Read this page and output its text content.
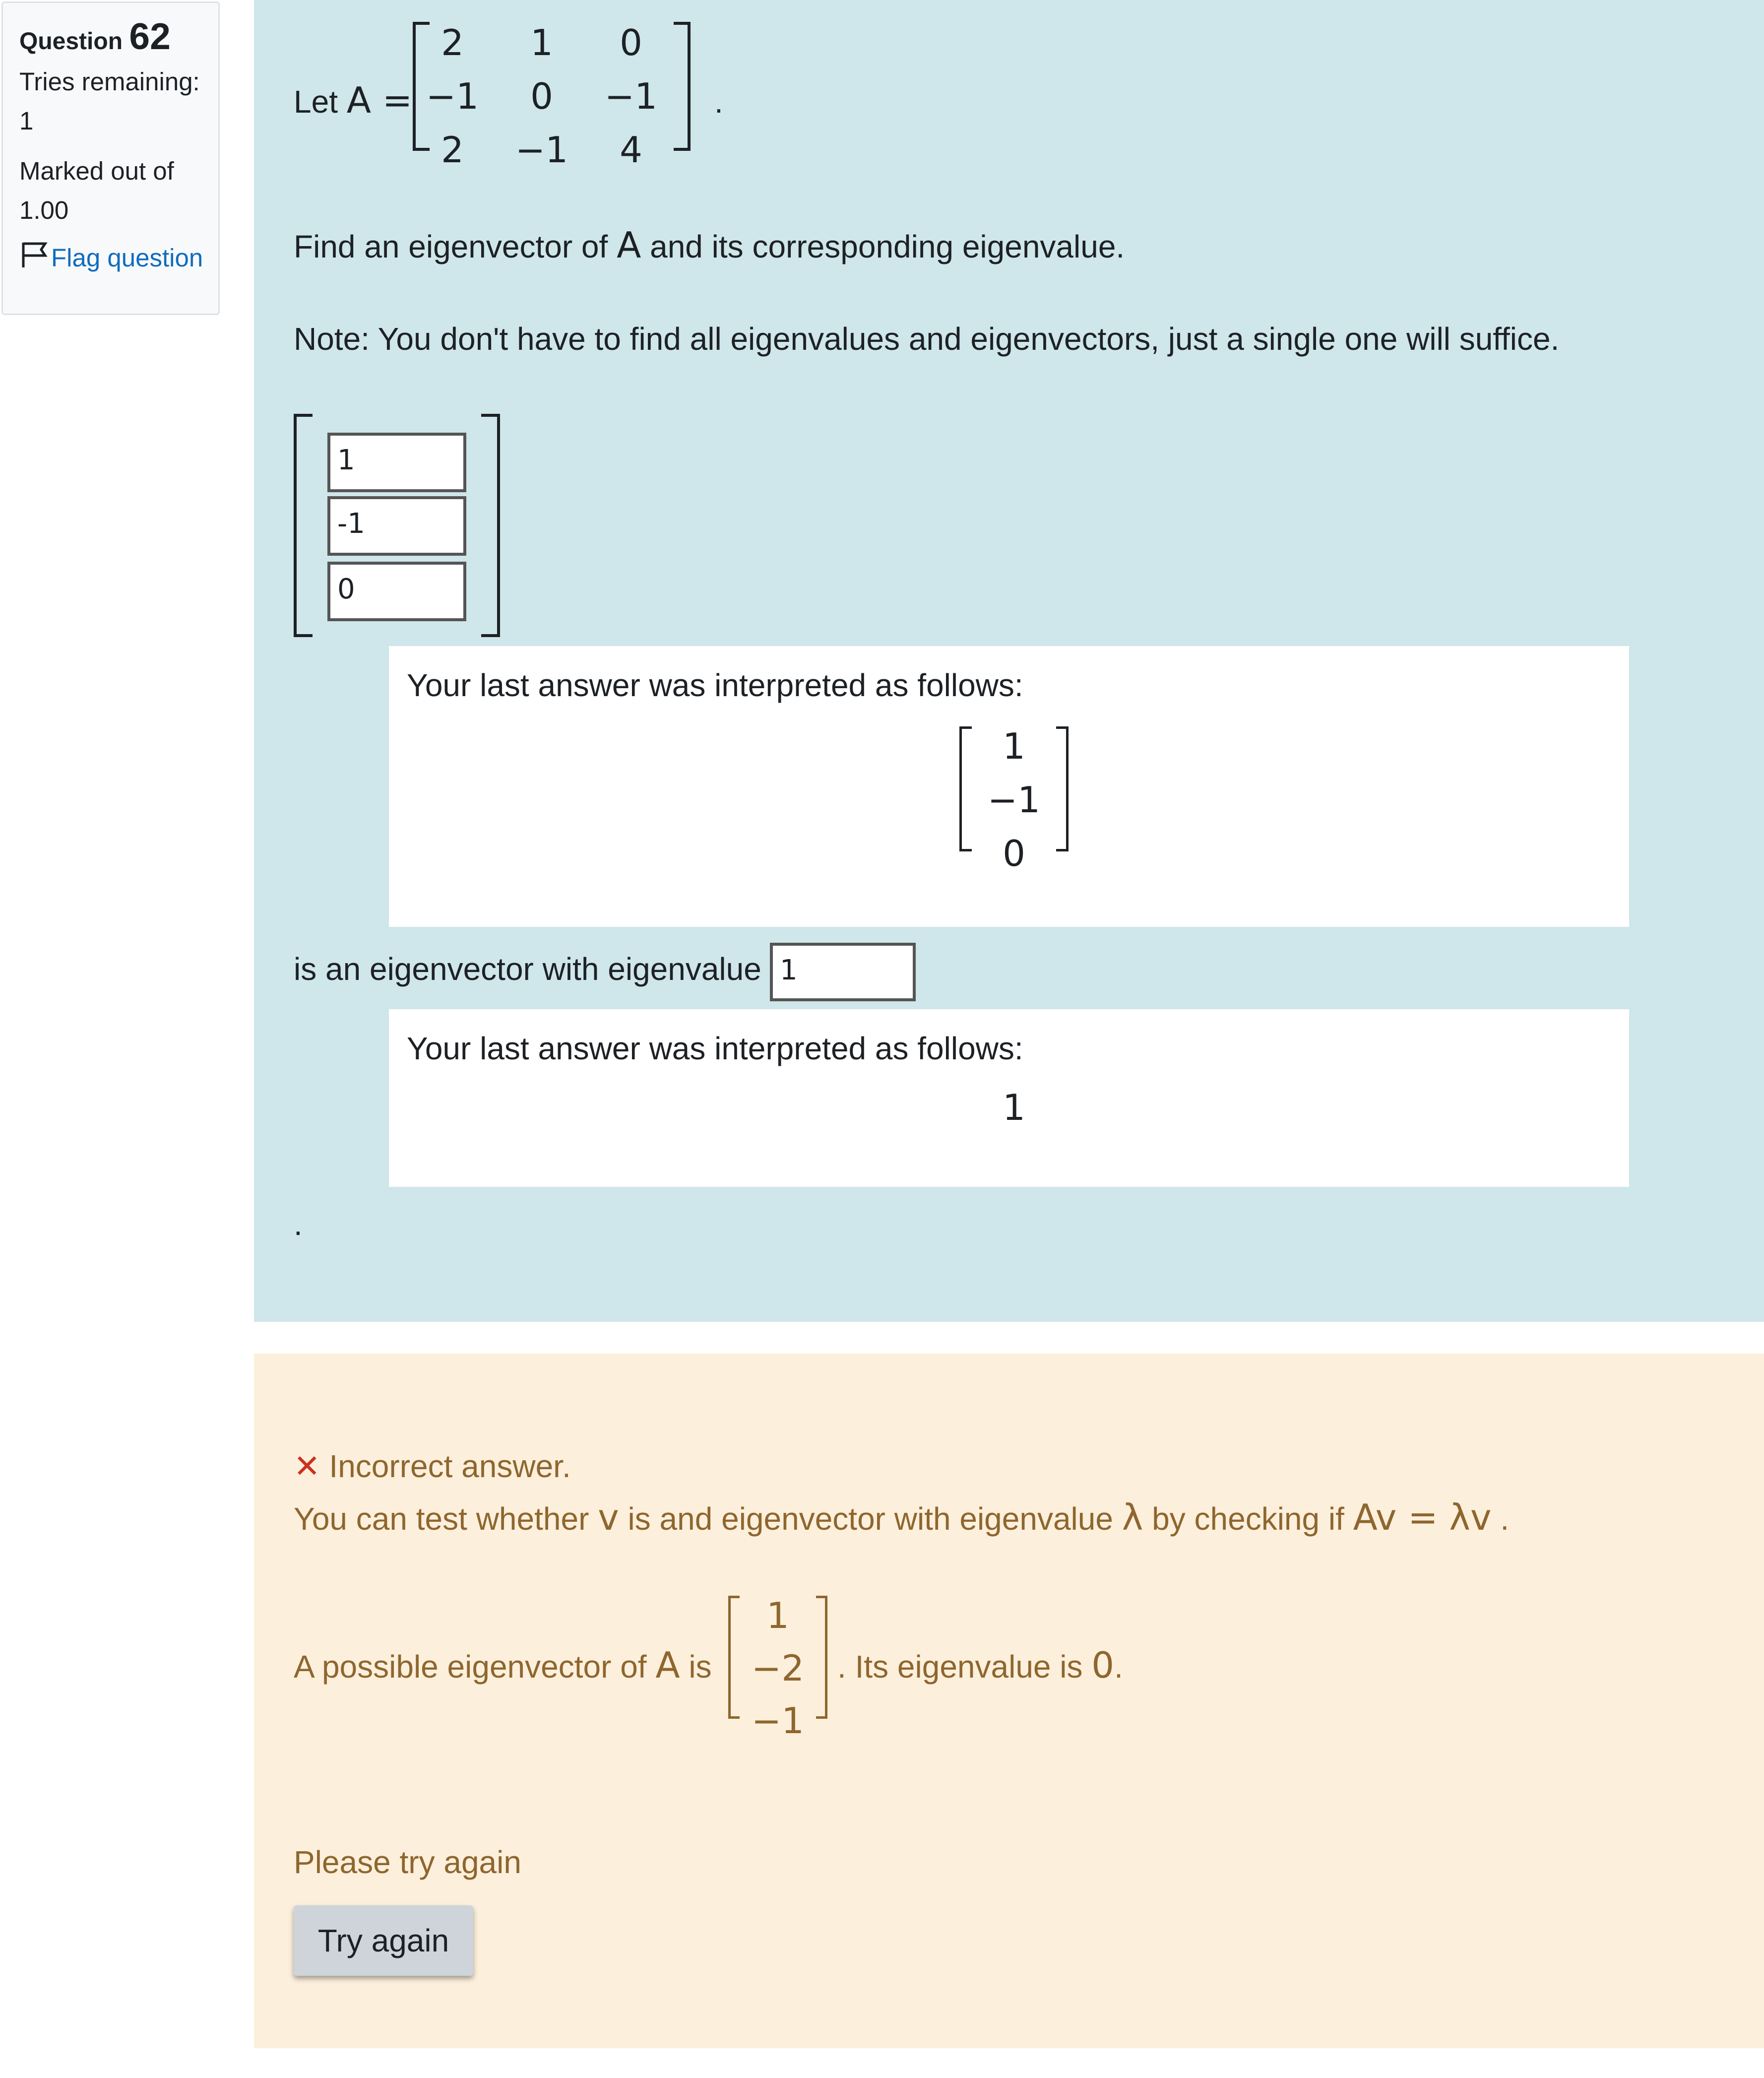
Question 62
Tries remaining:
1
Marked out of
1.00
Flag question
Let A =
2	1	0
−1	0	−1
2	−1	4
.
Find an eigenvector of A and its corresponding eigenvalue.
Note: You don't have to find all eigenvalues and eigenvectors, just a single one will suffice.
1
-1
0
Your last answer was interpreted as follows:
1
−1
0
is an eigenvector with eigenvalue 1
Your last answer was interpreted as follows:
1
.
✕ Incorrect answer.
You can test whether v is and eigenvector with eigenvalue λ by checking if Av = λv .
A possible eigenvector of A is
1
−2
−1
. Its eigenvalue is 0.
Please try again
Try again
